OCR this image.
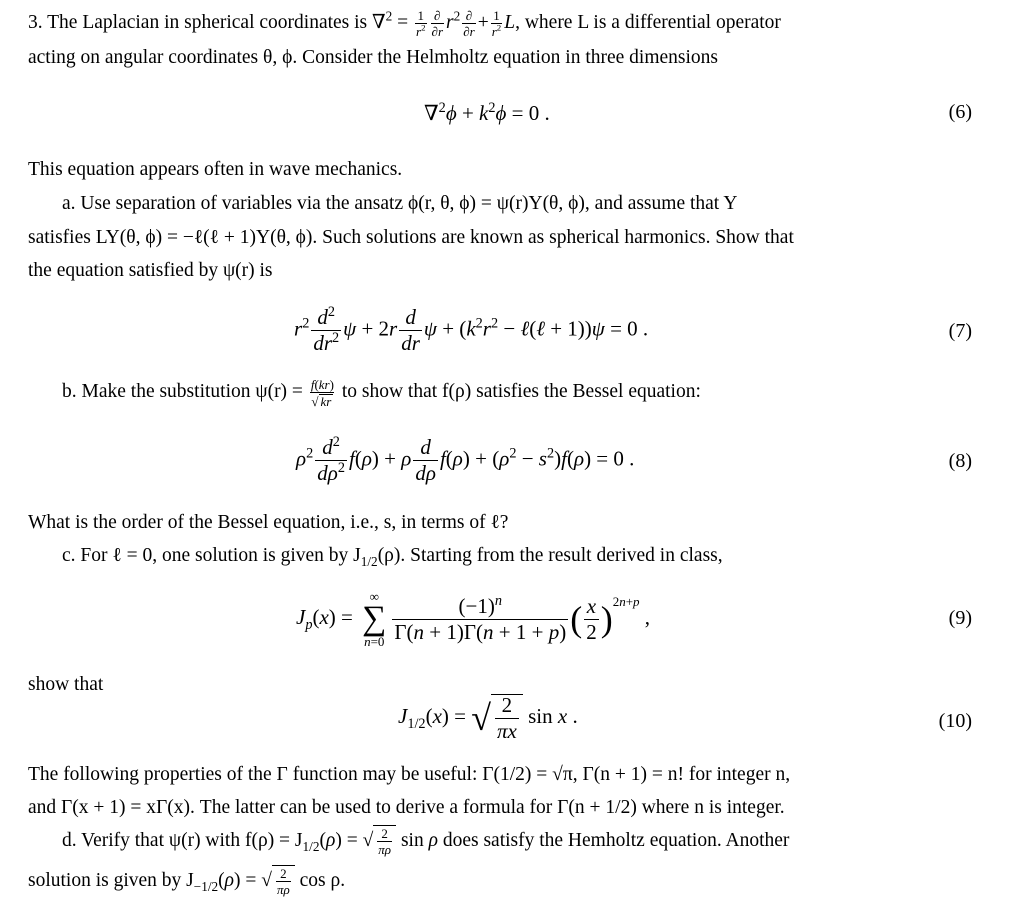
3. The Laplacian in spherical coordinates is $\nabla^2 = \frac{1}{r^2} \frac{\partial}{\partial r} r^2 \frac{\partial}{\partial r} + \frac{1}{r^2} L$, where L is a differential operator
acting on angular coordinates θ, ϕ. Consider the Helmholtz equation in three dimensions
$\nabla^2\phi + k^2\phi = 0$ .	(6)
This equation appears often in wave mechanics.
a. Use separation of variables via the ansatz ϕ(r, θ, ϕ) = ψ(r)Y(θ, ϕ), and assume that Y
satisfies LY(θ, ϕ) = −ℓ(ℓ + 1)Y(θ, ϕ). Such solutions are known as spherical harmonics. Show that
the equation satisfied by ψ(r) is
$r^2 \frac{d^2}{dr^2}$ $\psi + 2r \frac{d}{dr}$ $\psi + (k^2r^2$ − ℓ(ℓ + 1))ψ = 0 .	(7)
b. Make the substitution $\psi(r) = \frac{f(kr)}{√ kr}$ to show that f(ρ) satisfies the Bessel equation:
$\rho^2 \frac{d^2}{d\rho^2} f(\rho) + \rho \frac{d}{d\rho} f(\rho) + (\rho^2 - s^2)f(\rho) = 0$ .	(8)
What is the order of the Bessel equation, i.e., s, in terms of ℓ?
c. For ℓ = 0, one solution is given by $J_{1/2}(\rho)$. Starting from the result derived in class,
$J_p(x)$ =
∞
∑
$n=0 \frac{(-1)^n}{\Gamma(n + 1)\Gamma(n + 1 + p)}$ ( $\frac{x}{2} )^{2n+p}$ ,	(9)
show that
$J_{1/2}(x)$ = √ $\frac{2}{\pi x}$ sin x .	(10)
The following properties of the Γ function may be useful: Γ(1/2) = √π, Γ(n + 1) = n! for integer n,
and Γ(x + 1) = xΓ(x). The latter can be used to derive a formula for Γ(n + 1/2) where n is integer.
d. Verify that ψ(r) with $f(\rho) = J_{1/2}(\rho)$ = √ $\frac{2}{\pi\rho}$ sin ρ does satisfy the Hemholtz equation. Another
solution is given by $J_{-1/2}(\rho)$ = √ $\frac{2}{\pi\rho}$ cos ρ.
